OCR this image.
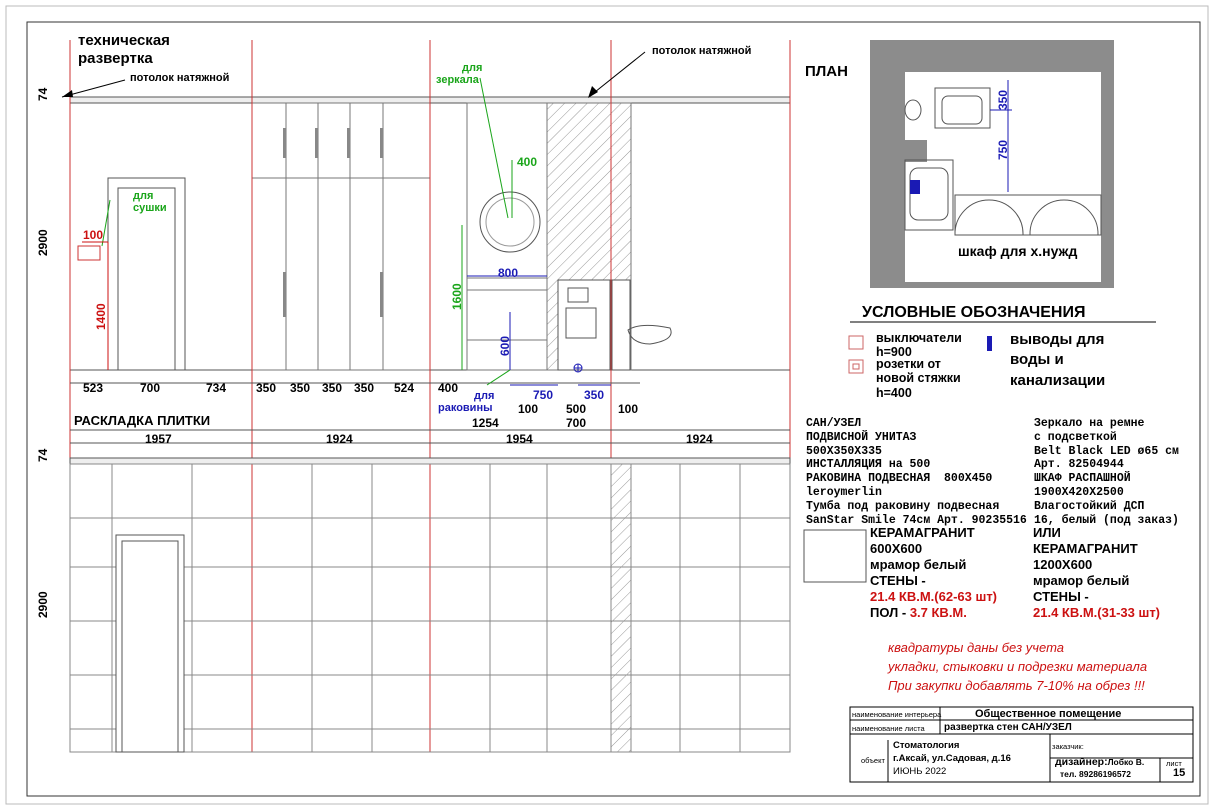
техническая
развертка
потолок натяжной
потолок натяжной
ПЛАН
РАСКЛАДКА ПЛИТКИ
УСЛОВНЫЕ ОБОЗНАЧЕНИЯ
шкаф для х.нужд
для
зеркала
для
сушки
для
раковины
74
2900
1400
1600
600
74
2900
350
750
100
400
800
523	700	734 350 350 350 350 524 400	750	350
100 500	100
1254	700
1957	1924	1954	1924
выключатели
h=900
розетки от
новой стяжки
h=400
выводы для
воды и
канализации
САН/УЗЕЛ
ПОДВИСНОЙ УНИТАЗ
500Х350Х335
ИНСТАЛЛЯЦИЯ на 500
РАКОВИНА ПОДВЕСНАЯ  800Х450
leroymerlin
Тумба под раковину подвесная
SanStar Smile 74см Арт. 90235516
Зеркало на ремне
с подсветкой
Belt Black LED ø65 см
Арт. 82504944
ШКАФ РАСПАШНОЙ
1900Х420Х2500
Влагостойкий ДСП
16, белый (под заказ)
КЕРАМАГРАНИТ
600Х600
мрамор белый
СТЕНЫ -
21.4 КВ.М.(62-63 шт)
ПОЛ - 3.7 КВ.М.
ИЛИ
КЕРАМАГРАНИТ
1200Х600
мрамор белый
СТЕНЫ -
21.4 КВ.М.(31-33 шт)
квадратуры даны без учета
укладки, стыковки и подрезки материала
При закупки добавлять 7-10% на обрез !!!
наименование интерьера	Общественное помещение
наименование листа развертка стен САН/УЗЕЛ
объект
Стоматология
г.Аксай, ул.Садовая, д.16
ИЮНЬ 2022
заказчик:
дизайнер:Лобко В.
тел. 89286196572
лист
15
